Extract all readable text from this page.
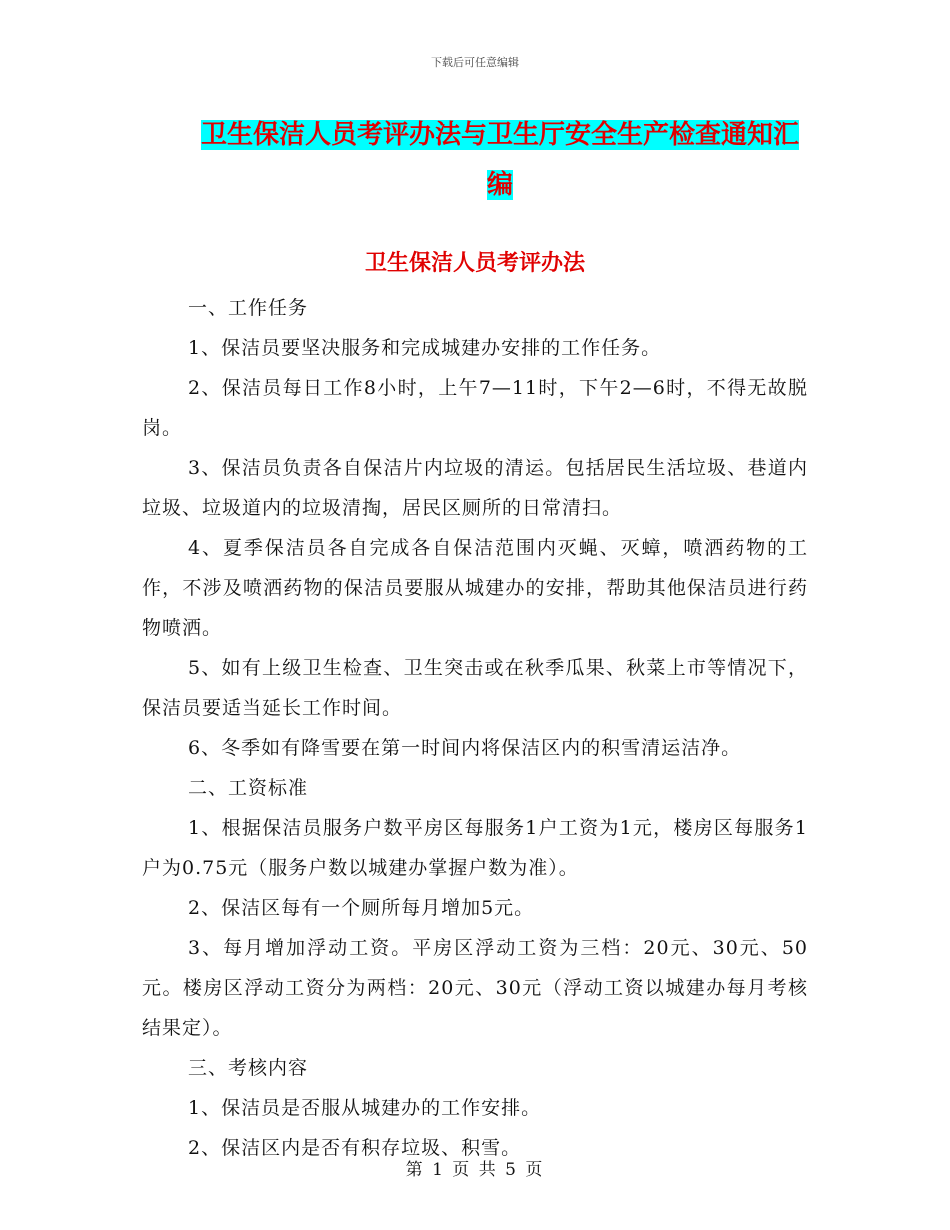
下载后可任意编辑
卫生保洁人员考评办法与卫生厅安全生产检查通知汇编
卫生保洁人员考评办法

一、工作任务

1、保洁员要坚决服务和完成城建办安排的工作任务。

2、保洁员每日工作8小时，上午7—11时，下午2—6时，不得无故脱岗。

3、保洁员负责各自保洁片内垃圾的清运。包括居民生活垃圾、巷道内垃圾、垃圾道内的垃圾清掏，居民区厕所的日常清扫。

4、夏季保洁员各自完成各自保洁范围内灭蝇、灭蟑，喷洒药物的工作，不涉及喷洒药物的保洁员要服从城建办的安排，帮助其他保洁员进行药物喷洒。

5、如有上级卫生检查、卫生突击或在秋季瓜果、秋菜上市等情况下，保洁员要适当延长工作时间。

6、冬季如有降雪要在第一时间内将保洁区内的积雪清运洁净。

二、工资标准

1、根据保洁员服务户数平房区每服务1户工资为1元，楼房区每服务1户为0.75元（服务户数以城建办掌握户数为准）。

2、保洁区每有一个厕所每月增加5元。

3、每月增加浮动工资。平房区浮动工资为三档：20元、30元、50元。楼房区浮动工资分为两档：20元、30元（浮动工资以城建办每月考核结果定）。

三、考核内容

1、保洁员是否服从城建办的工作安排。

2、保洁区内是否有积存垃圾、积雪。

第 1 页 共 5 页
